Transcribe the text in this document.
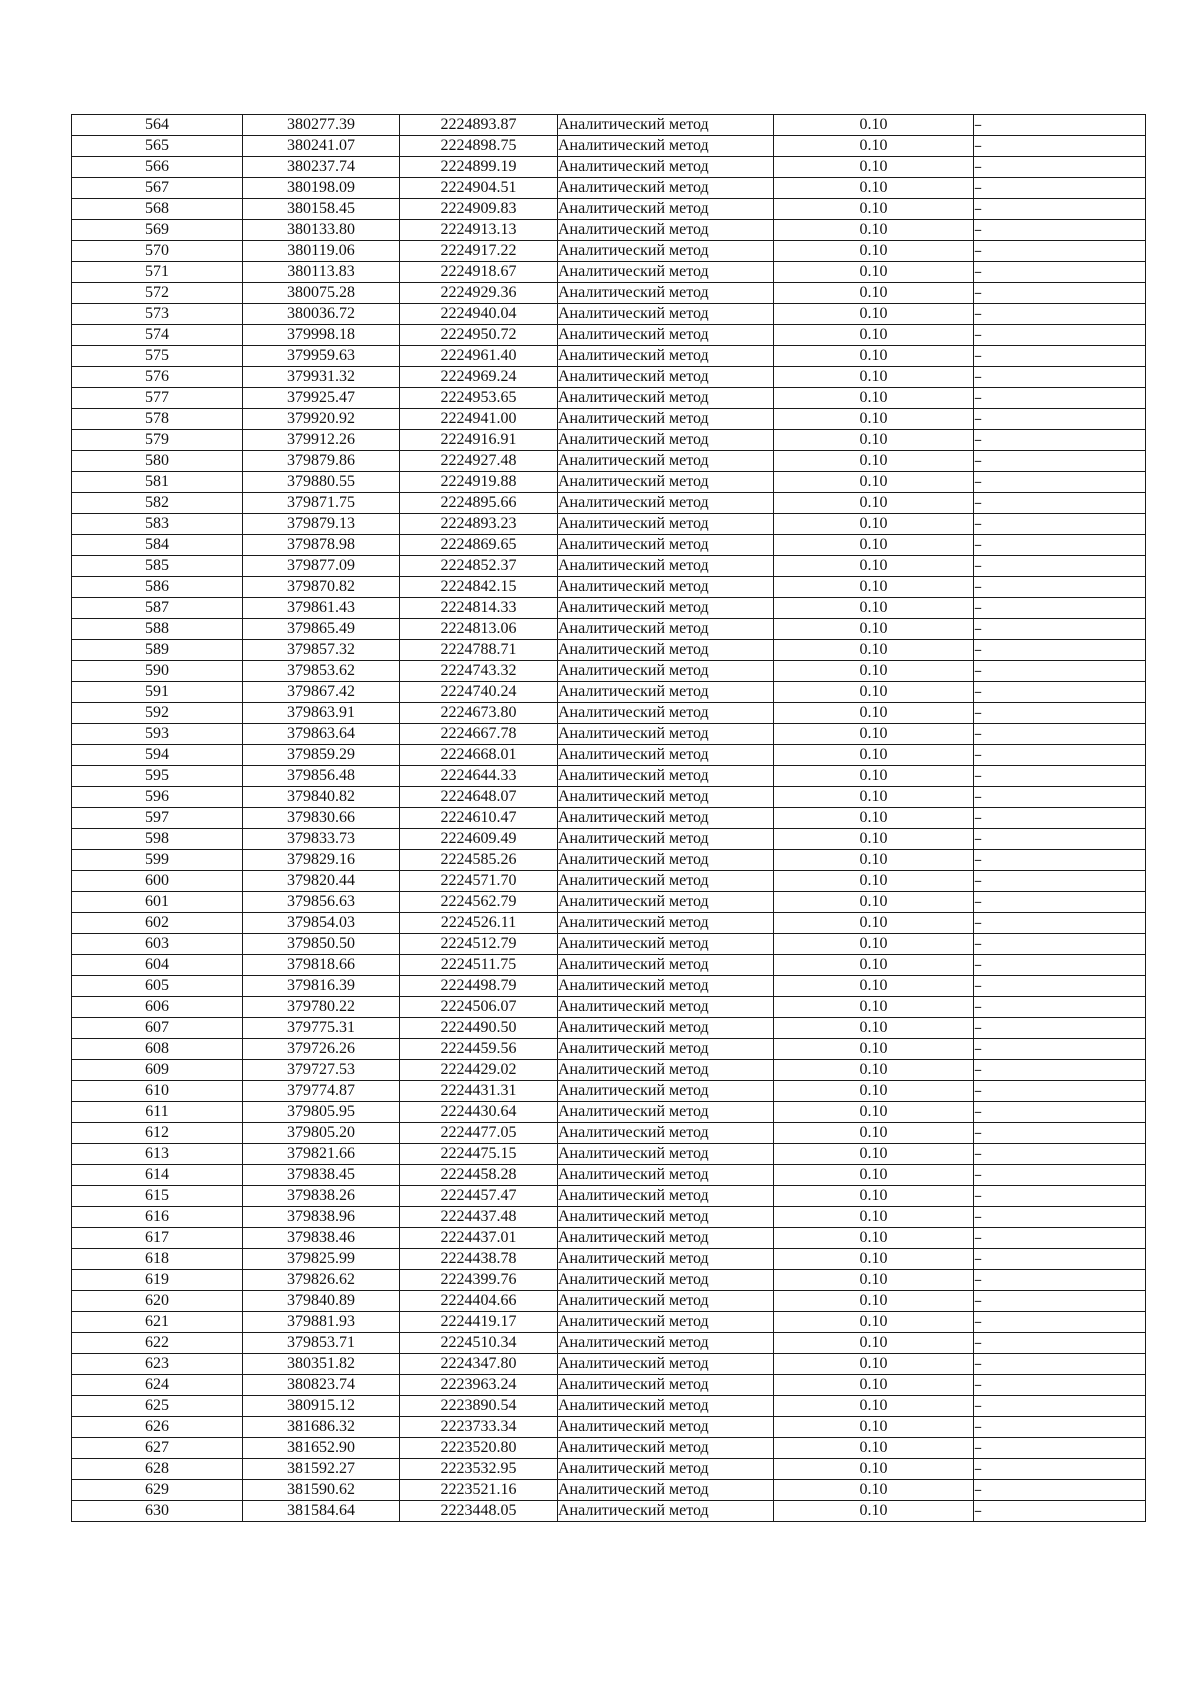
564	380277.39	2224893.87	Аналитический метод	0.10	–
565	380241.07	2224898.75	Аналитический метод	0.10	–
566	380237.74	2224899.19	Аналитический метод	0.10	–
567	380198.09	2224904.51	Аналитический метод	0.10	–
568	380158.45	2224909.83	Аналитический метод	0.10	–
569	380133.80	2224913.13	Аналитический метод	0.10	–
570	380119.06	2224917.22	Аналитический метод	0.10	–
571	380113.83	2224918.67	Аналитический метод	0.10	–
572	380075.28	2224929.36	Аналитический метод	0.10	–
573	380036.72	2224940.04	Аналитический метод	0.10	–
574	379998.18	2224950.72	Аналитический метод	0.10	–
575	379959.63	2224961.40	Аналитический метод	0.10	–
576	379931.32	2224969.24	Аналитический метод	0.10	–
577	379925.47	2224953.65	Аналитический метод	0.10	–
578	379920.92	2224941.00	Аналитический метод	0.10	–
579	379912.26	2224916.91	Аналитический метод	0.10	–
580	379879.86	2224927.48	Аналитический метод	0.10	–
581	379880.55	2224919.88	Аналитический метод	0.10	–
582	379871.75	2224895.66	Аналитический метод	0.10	–
583	379879.13	2224893.23	Аналитический метод	0.10	–
584	379878.98	2224869.65	Аналитический метод	0.10	–
585	379877.09	2224852.37	Аналитический метод	0.10	–
586	379870.82	2224842.15	Аналитический метод	0.10	–
587	379861.43	2224814.33	Аналитический метод	0.10	–
588	379865.49	2224813.06	Аналитический метод	0.10	–
589	379857.32	2224788.71	Аналитический метод	0.10	–
590	379853.62	2224743.32	Аналитический метод	0.10	–
591	379867.42	2224740.24	Аналитический метод	0.10	–
592	379863.91	2224673.80	Аналитический метод	0.10	–
593	379863.64	2224667.78	Аналитический метод	0.10	–
594	379859.29	2224668.01	Аналитический метод	0.10	–
595	379856.48	2224644.33	Аналитический метод	0.10	–
596	379840.82	2224648.07	Аналитический метод	0.10	–
597	379830.66	2224610.47	Аналитический метод	0.10	–
598	379833.73	2224609.49	Аналитический метод	0.10	–
599	379829.16	2224585.26	Аналитический метод	0.10	–
600	379820.44	2224571.70	Аналитический метод	0.10	–
601	379856.63	2224562.79	Аналитический метод	0.10	–
602	379854.03	2224526.11	Аналитический метод	0.10	–
603	379850.50	2224512.79	Аналитический метод	0.10	–
604	379818.66	2224511.75	Аналитический метод	0.10	–
605	379816.39	2224498.79	Аналитический метод	0.10	–
606	379780.22	2224506.07	Аналитический метод	0.10	–
607	379775.31	2224490.50	Аналитический метод	0.10	–
608	379726.26	2224459.56	Аналитический метод	0.10	–
609	379727.53	2224429.02	Аналитический метод	0.10	–
610	379774.87	2224431.31	Аналитический метод	0.10	–
611	379805.95	2224430.64	Аналитический метод	0.10	–
612	379805.20	2224477.05	Аналитический метод	0.10	–
613	379821.66	2224475.15	Аналитический метод	0.10	–
614	379838.45	2224458.28	Аналитический метод	0.10	–
615	379838.26	2224457.47	Аналитический метод	0.10	–
616	379838.96	2224437.48	Аналитический метод	0.10	–
617	379838.46	2224437.01	Аналитический метод	0.10	–
618	379825.99	2224438.78	Аналитический метод	0.10	–
619	379826.62	2224399.76	Аналитический метод	0.10	–
620	379840.89	2224404.66	Аналитический метод	0.10	–
621	379881.93	2224419.17	Аналитический метод	0.10	–
622	379853.71	2224510.34	Аналитический метод	0.10	–
623	380351.82	2224347.80	Аналитический метод	0.10	–
624	380823.74	2223963.24	Аналитический метод	0.10	–
625	380915.12	2223890.54	Аналитический метод	0.10	–
626	381686.32	2223733.34	Аналитический метод	0.10	–
627	381652.90	2223520.80	Аналитический метод	0.10	–
628	381592.27	2223532.95	Аналитический метод	0.10	–
629	381590.62	2223521.16	Аналитический метод	0.10	–
630	381584.64	2223448.05	Аналитический метод	0.10	–
